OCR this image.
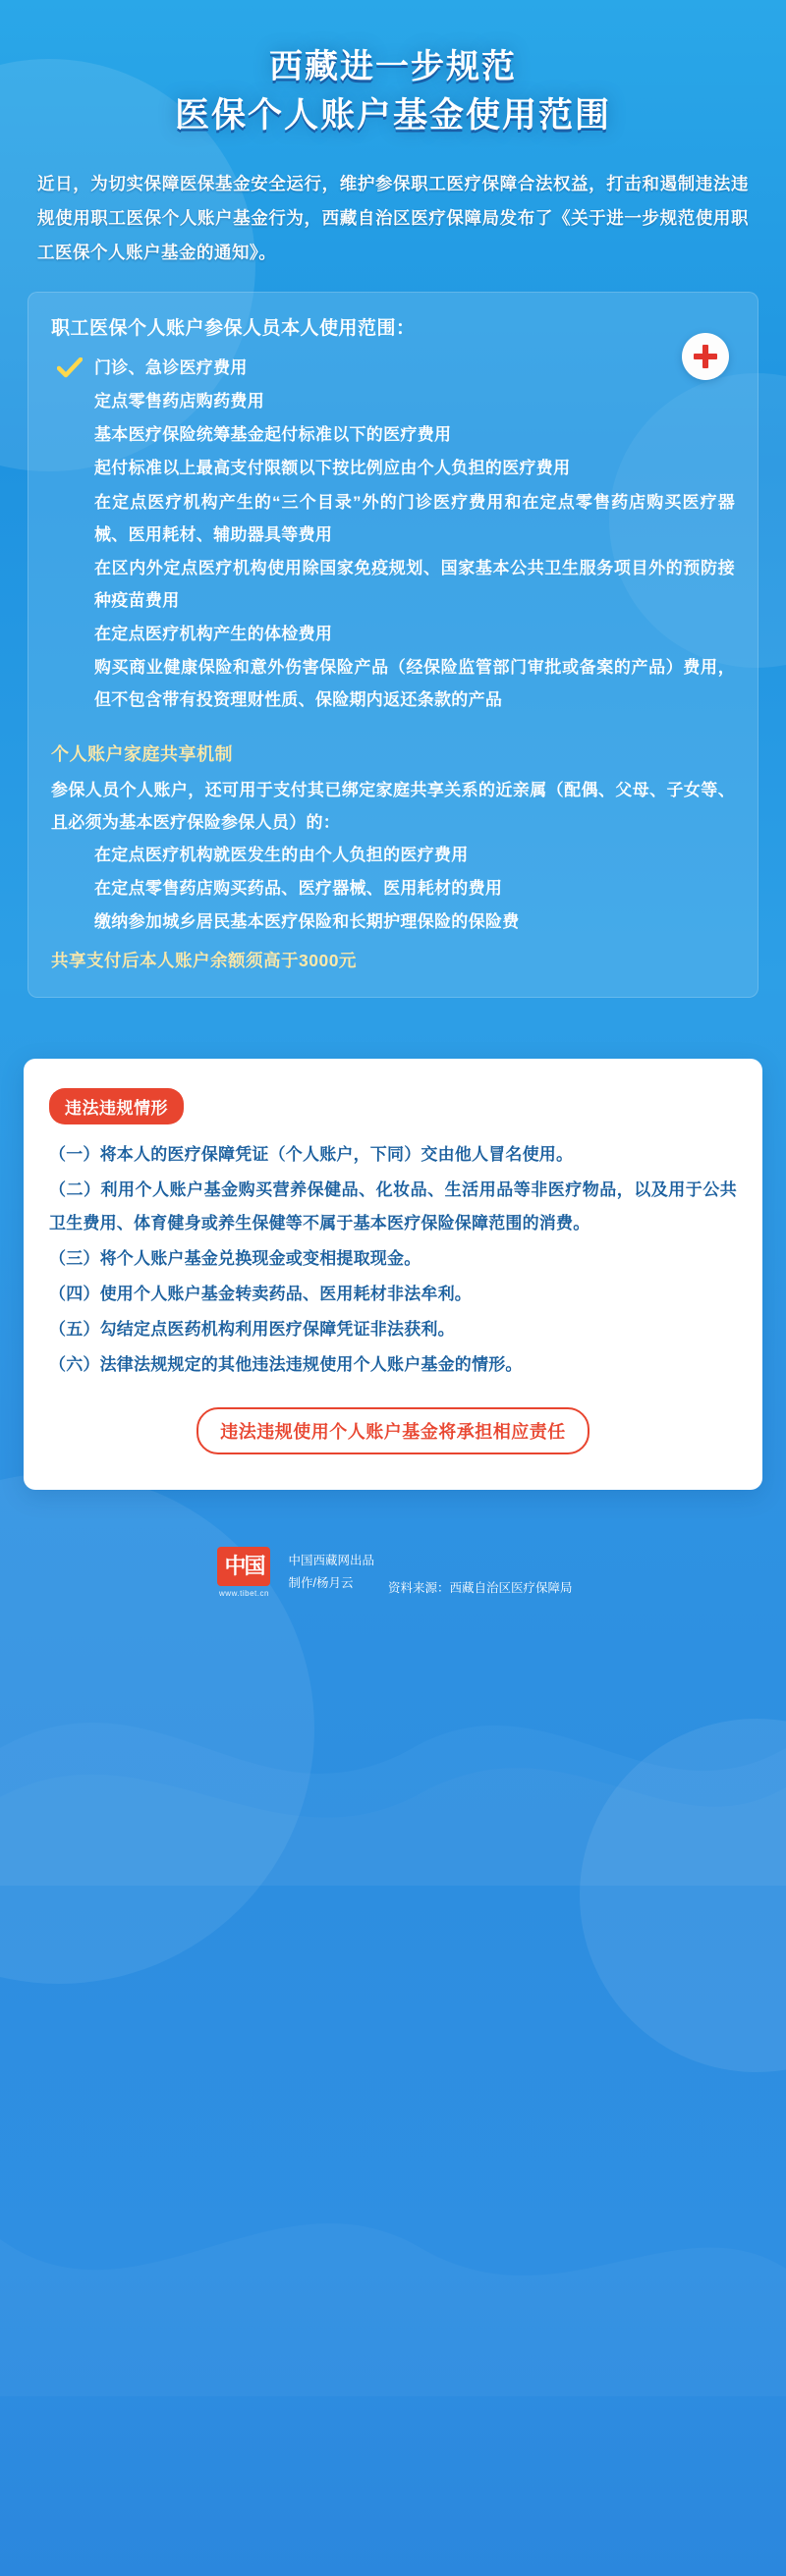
西藏进一步规范
医保个人账户基金使用范围
近日，为切实保障医保基金安全运行，维护参保职工医疗保障合法权益，打击和遏制违法违规使用职工医保个人账户基金行为，西藏自治区医疗保障局发布了《关于进一步规范使用职工医保个人账户基金的通知》。
职工医保个人账户参保人员本人使用范围：
门诊、急诊医疗费用
定点零售药店购药费用
基本医疗保险统筹基金起付标准以下的医疗费用
起付标准以上最高支付限额以下按比例应由个人负担的医疗费用
在定点医疗机构产生的“三个目录”外的门诊医疗费用和在定点零售药店购买医疗器械、医用耗材、辅助器具等费用
在区内外定点医疗机构使用除国家免疫规划、国家基本公共卫生服务项目外的预防接种疫苗费用
在定点医疗机构产生的体检费用
购买商业健康保险和意外伤害保险产品（经保险监管部门审批或备案的产品）费用，但不包含带有投资理财性质、保险期内返还条款的产品
个人账户家庭共享机制
参保人员个人账户，还可用于支付其已绑定家庭共享关系的近亲属（配偶、父母、子女等、且必须为基本医疗保险参保人员）的：
在定点医疗机构就医发生的由个人负担的医疗费用
在定点零售药店购买药品、医疗器械、医用耗材的费用
缴纳参加城乡居民基本医疗保险和长期护理保险的保险费
共享支付后本人账户余额须高于3000元
违法违规情形

（一）将本人的医疗保障凭证（个人账户，下同）交由他人冒名使用。

（二）利用个人账户基金购买营养保健品、化妆品、生活用品等非医疗物品，以及用于公共卫生费用、体育健身或养生保健等不属于基本医疗保险保障范围的消费。

（三）将个人账户基金兑换现金或变相提取现金。

（四）使用个人账户基金转卖药品、医用耗材非法牟利。

（五）勾结定点医药机构利用医疗保障凭证非法获利。

（六）法律法规规定的其他违法违规使用个人账户基金的情形。

违法违规使用个人账户基金将承担相应责任
中国
www.tibet.cn
中国西藏网出品
制作/杨月云	资料来源：西藏自治区医疗保障局
